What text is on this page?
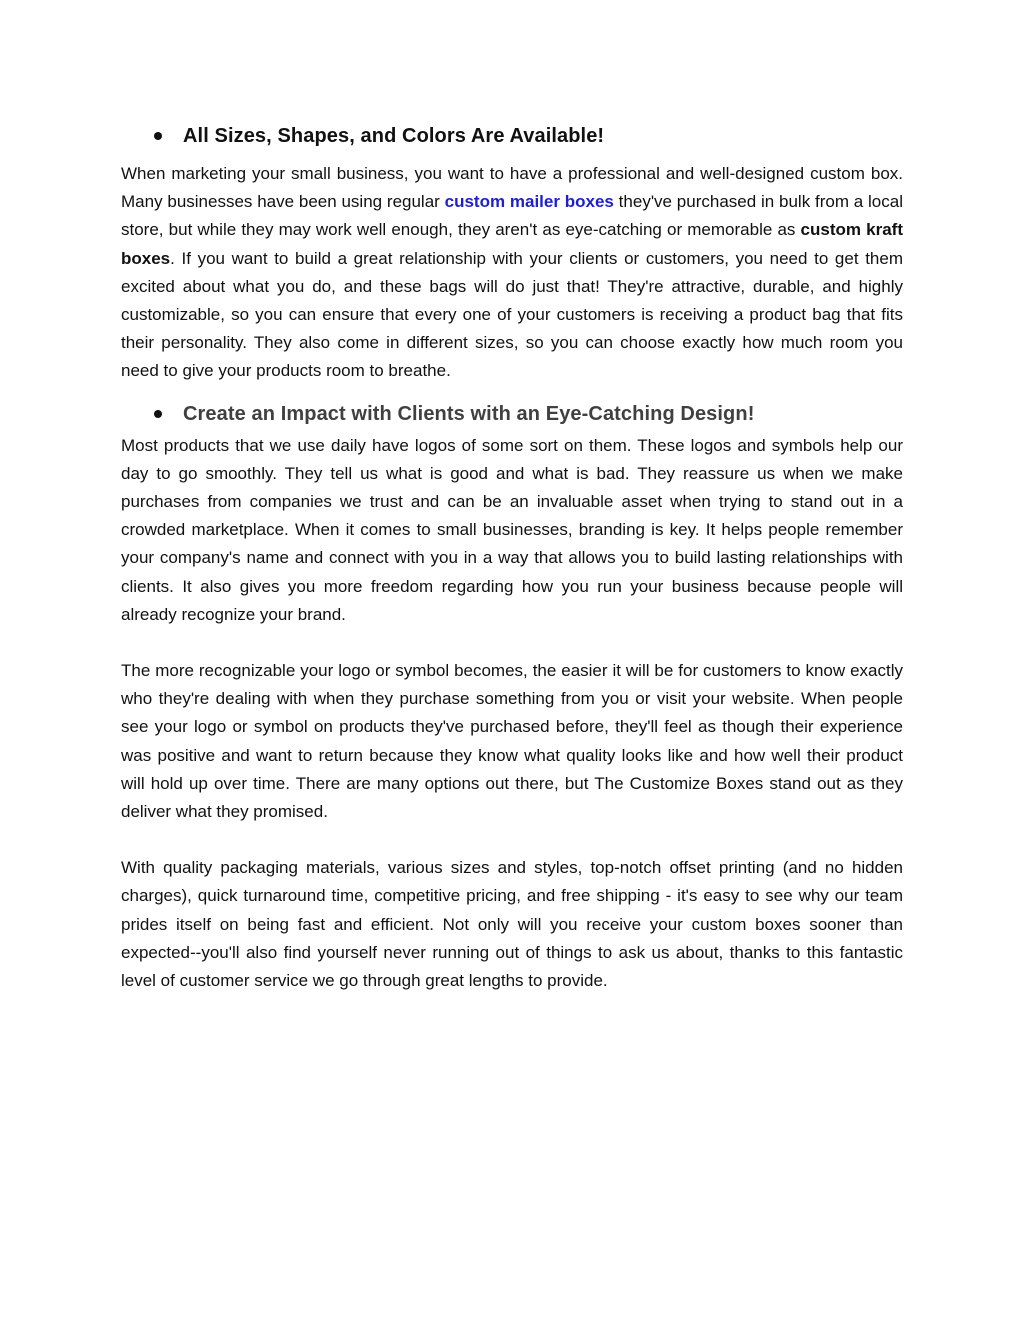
All Sizes, Shapes, and Colors Are Available!

When marketing your small business, you want to have a professional and well-designed custom box. Many businesses have been using regular custom mailer boxes they've purchased in bulk from a local store, but while they may work well enough, they aren't as eye-catching or memorable as custom kraft boxes. If you want to build a great relationship with your clients or customers, you need to get them excited about what you do, and these bags will do just that! They're attractive, durable, and highly customizable, so you can ensure that every one of your customers is receiving a product bag that fits their personality. They also come in different sizes, so you can choose exactly how much room you need to give your products room to breathe.

Create an Impact with Clients with an Eye-Catching Design!

Most products that we use daily have logos of some sort on them. These logos and symbols help our day to go smoothly. They tell us what is good and what is bad. They reassure us when we make purchases from companies we trust and can be an invaluable asset when trying to stand out in a crowded marketplace. When it comes to small businesses, branding is key. It helps people remember your company's name and connect with you in a way that allows you to build lasting relationships with clients. It also gives you more freedom regarding how you run your business because people will already recognize your brand.

The more recognizable your logo or symbol becomes, the easier it will be for customers to know exactly who they're dealing with when they purchase something from you or visit your website. When people see your logo or symbol on products they've purchased before, they'll feel as though their experience was positive and want to return because they know what quality looks like and how well their product will hold up over time. There are many options out there, but The Customize Boxes stand out as they deliver what they promised.

With quality packaging materials, various sizes and styles, top-notch offset printing (and no hidden charges), quick turnaround time, competitive pricing, and free shipping - it's easy to see why our team prides itself on being fast and efficient. Not only will you receive your custom boxes sooner than expected--you'll also find yourself never running out of things to ask us about, thanks to this fantastic level of customer service we go through great lengths to provide.
